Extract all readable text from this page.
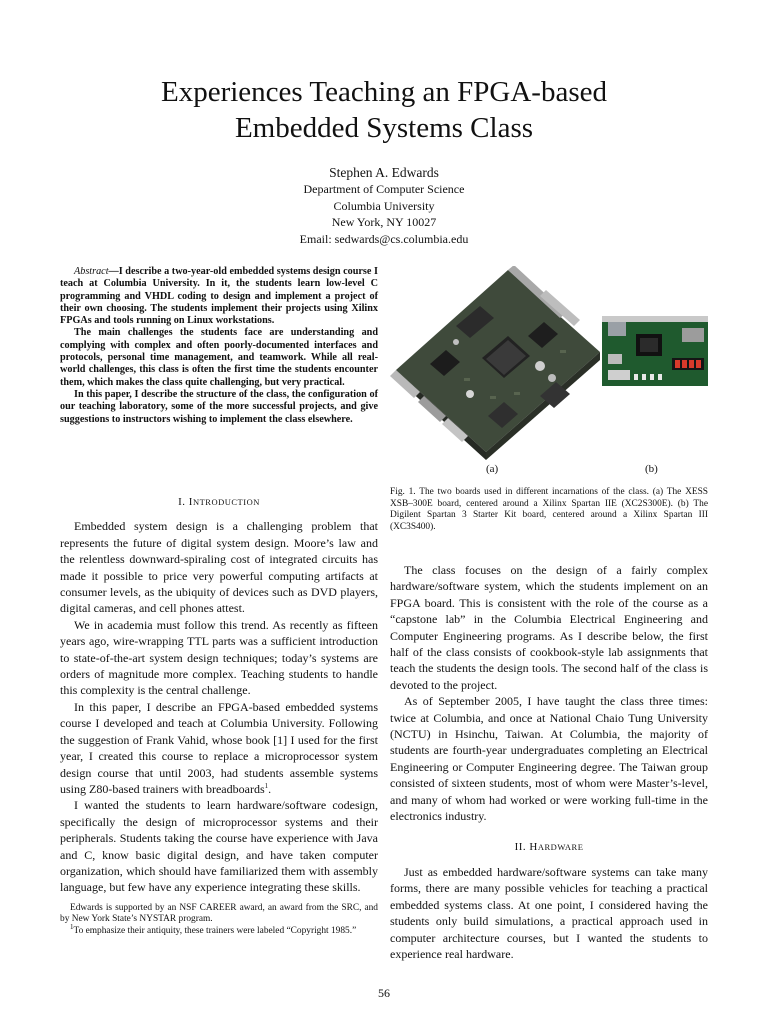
Experiences Teaching an FPGA-based
Embedded Systems Class
Stephen A. Edwards
Department of Computer Science
Columbia University
New York, NY 10027
Email: sedwards@cs.columbia.edu

Abstract—I describe a two-year-old embedded systems design course I teach at Columbia University. In it, the students learn low-level C programming and VHDL coding to design and implement a project of their own choosing. The students implement their projects using Xilinx FPGAs and tools running on Linux workstations.

The main challenges the students face are understanding and complying with complex and often poorly-documented interfaces and protocols, personal time management, and teamwork. While all real-world challenges, this class is often the first time the students encounter them, which makes the class quite challenging, but very practical.

In this paper, I describe the structure of the class, the configuration of our teaching laboratory, some of the more successful projects, and give suggestions to instructors wishing to implement the class elsewhere.

I. INTRODUCTION

Embedded system design is a challenging problem that represents the future of digital system design. Moore’s law and the relentless downward-spiraling cost of integrated circuits has made it possible to price very powerful computing artifacts at consumer levels, as the ubiquity of devices such as DVD players, digital cameras, and cell phones attest.

We in academia must follow this trend. As recently as fifteen years ago, wire-wrapping TTL parts was a sufficient introduction to state-of-the-art system design techniques; today’s systems are orders of magnitude more complex. Teaching students to handle this complexity is the central challenge.

In this paper, I describe an FPGA-based embedded systems course I developed and teach at Columbia University. Following the suggestion of Frank Vahid, whose book [1] I used for the first year, I created this course to replace a microprocessor system design course that until 2003, had students assemble systems using Z80-based trainers with breadboards$^1$.

I wanted the students to learn hardware/software codesign, specifically the design of microprocessor systems and their peripherals. Students taking the course have experience with Java and C, know basic digital design, and have taken computer organization, which should have familiarized them with assembly language, but few have any experience integrating these skills.

Edwards is supported by an NSF CAREER award, an award from the SRC, and by New York State’s NYSTAR program.

$^1$To emphasize their antiquity, these trainers were labeled “Copyright 1985.”

(a)	(b)
Fig. 1. The two boards used in different incarnations of the class. (a) The XESS XSB–300E board, centered around a Xilinx Spartan IIE (XC2S300E). (b) The Digilent Spartan 3 Starter Kit board, centered around a Xilinx Spartan III (XC3S400).

The class focuses on the design of a fairly complex hardware/software system, which the students implement on an FPGA board. This is consistent with the role of the course as a “capstone lab” in the Columbia Electrical Engineering and Computer Engineering programs. As I describe below, the first half of the class consists of cookbook-style lab assignments that teach the students the design tools. The second half of the class is devoted to the project.

As of September 2005, I have taught the class three times: twice at Columbia, and once at National Chaio Tung University (NCTU) in Hsinchu, Taiwan. At Columbia, the majority of students are fourth-year undergraduates completing an Electrical Engineering or Computer Engineering degree. The Taiwan group consisted of sixteen students, most of whom were Master’s-level, and many of whom had worked or were working full-time in the electronics industry.

II. HARDWARE

Just as embedded hardware/software systems can take many forms, there are many possible vehicles for teaching a practical embedded systems class. At one point, I considered having the students only build simulations, a practical approach used in computer architecture courses, but I wanted the students to experience real hardware.

56
